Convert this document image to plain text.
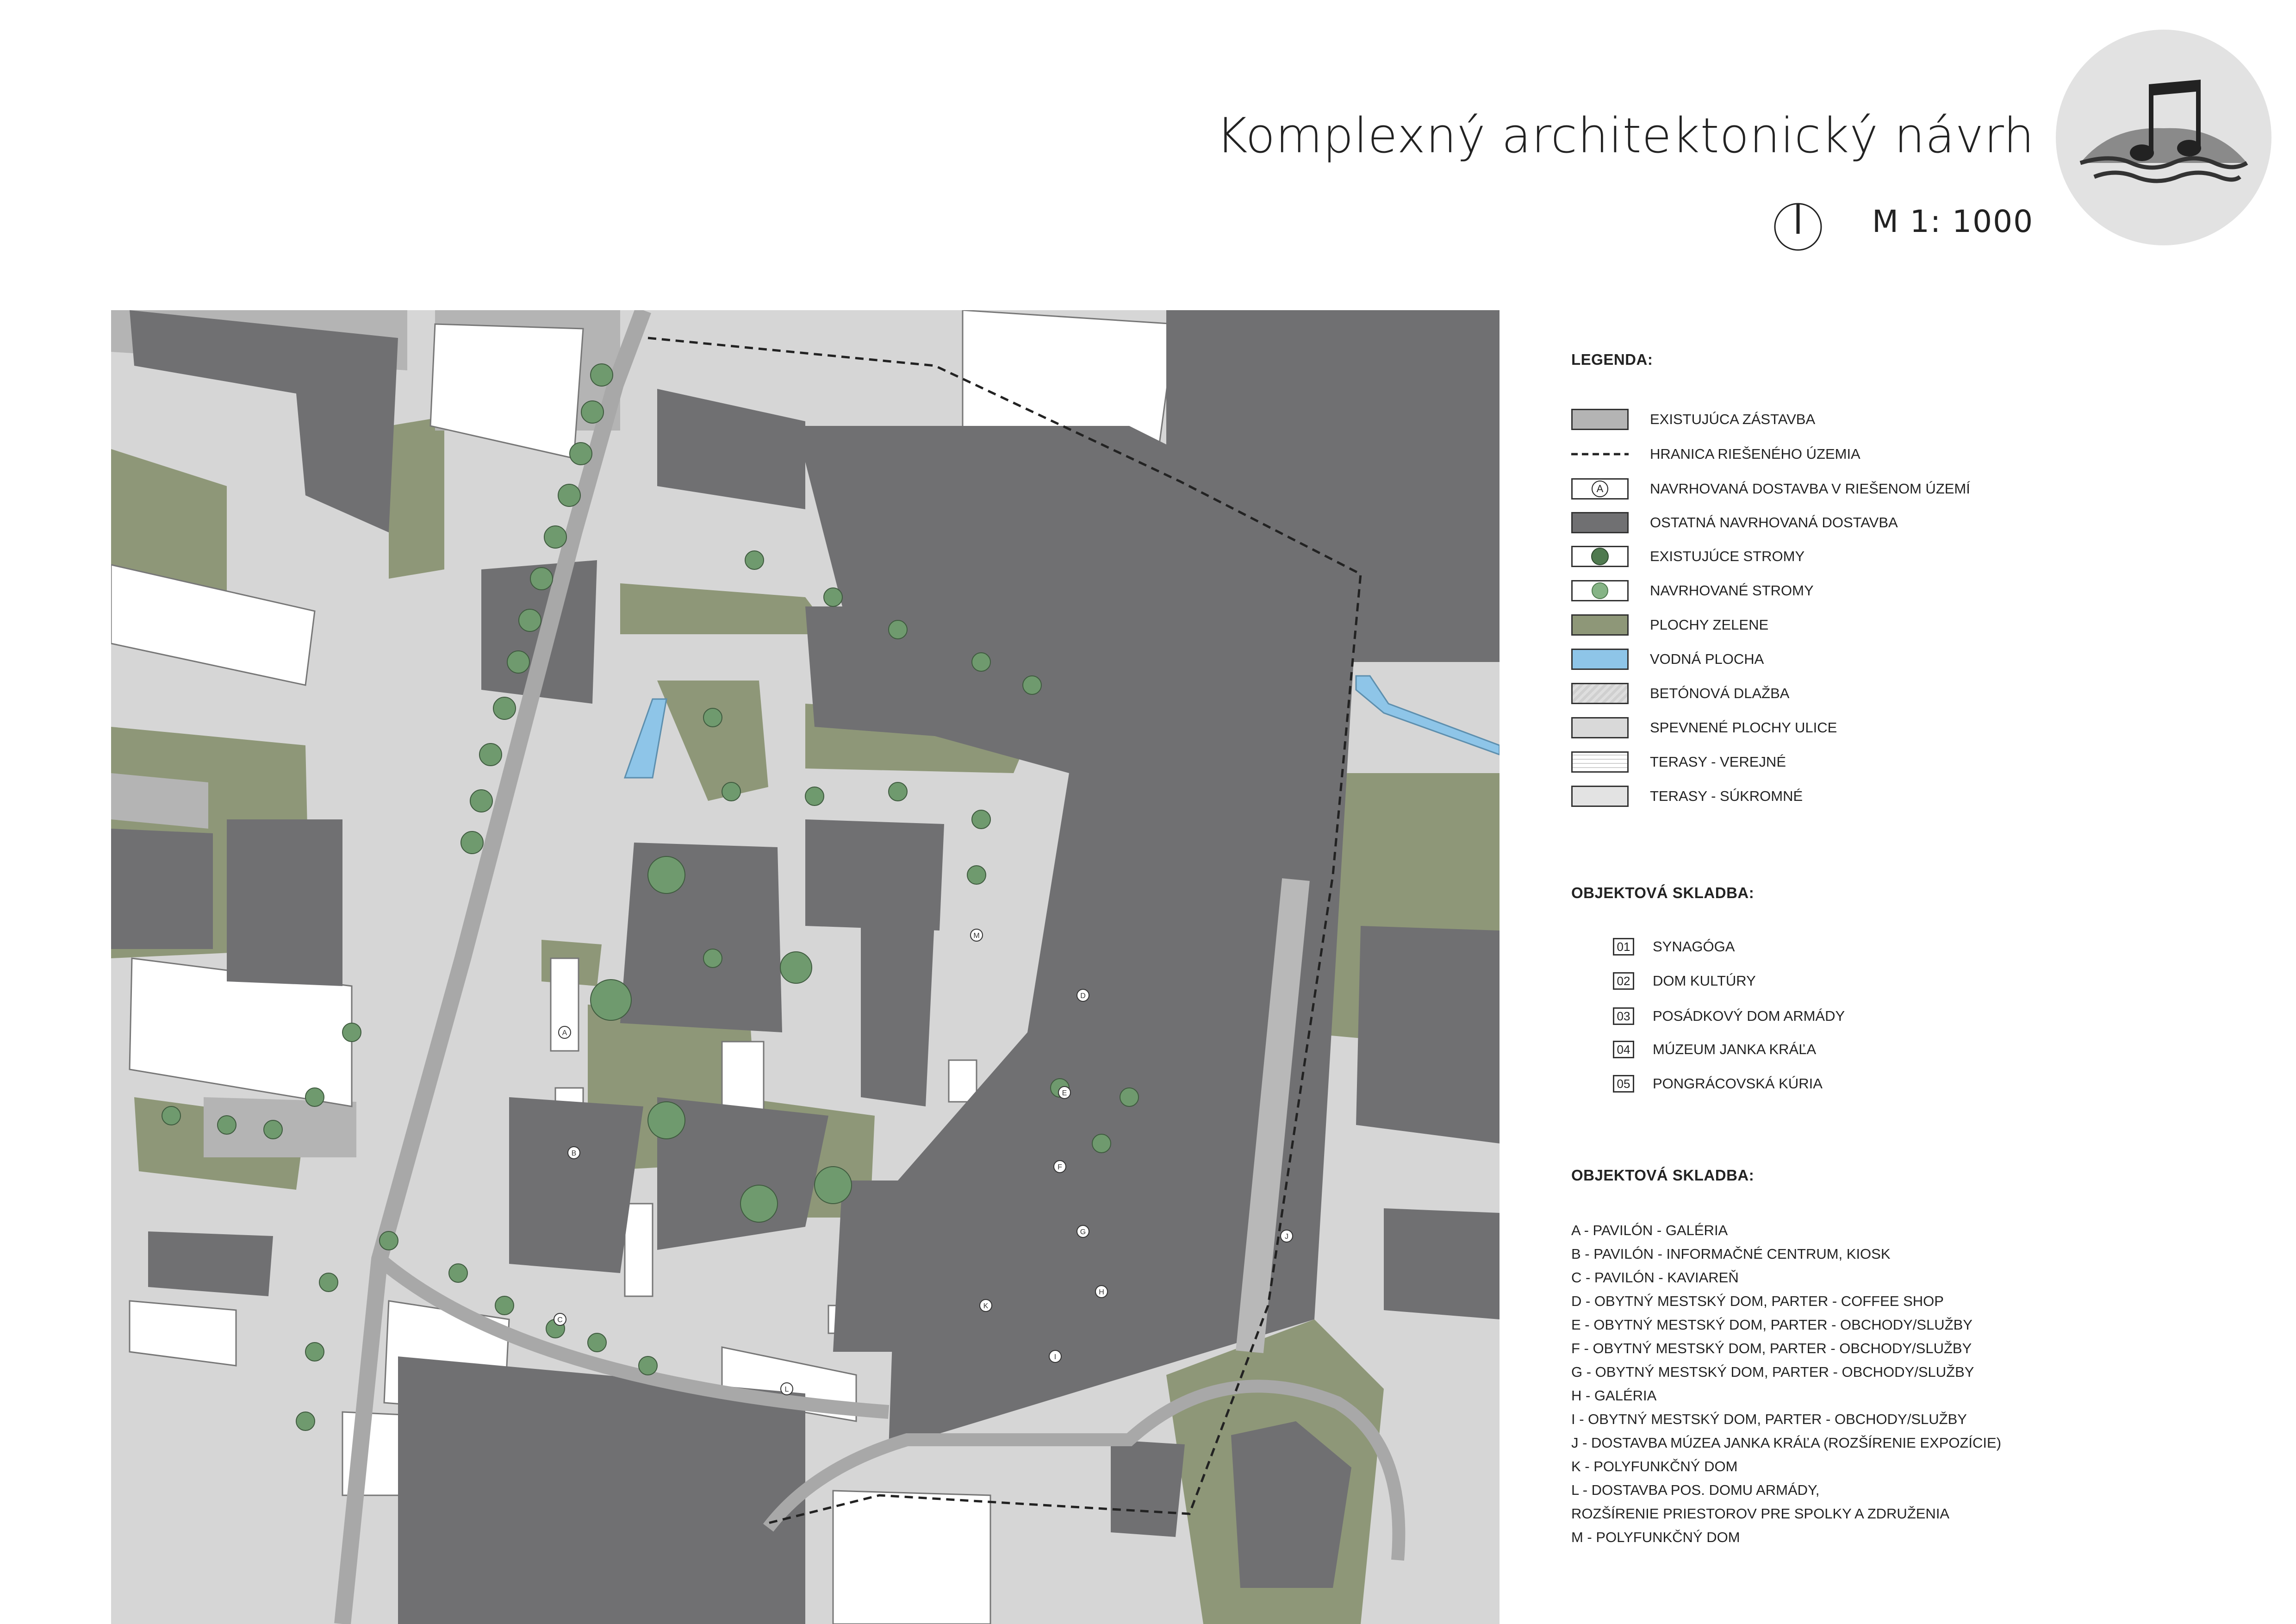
Komplexný architektonický návrh
M 1: 1000
A
B
C
D
E
F
G
H
I
J
K
L
M
LEGENDA:
EXISTUJÚCA ZÁSTAVBA
HRANICA RIEŠENÉHO ÚZEMIA
A	NAVRHOVANÁ DOSTAVBA V RIEŠENOM ÚZEMÍ
OSTATNÁ NAVRHOVANÁ DOSTAVBA
EXISTUJÚCE STROMY
NAVRHOVANÉ STROMY
PLOCHY ZELENE
VODNÁ PLOCHA
BETÓNOVÁ DLAŽBA
SPEVNENÉ PLOCHY ULICE
TERASY - VEREJNÉ
TERASY - SÚKROMNÉ
OBJEKTOVÁ SKLADBA:
01 SYNAGÓGA
02 DOM KULTÚRY
03 POSÁDKOVÝ DOM ARMÁDY
04 MÚZEUM JANKA KRÁĽA
05 PONGRÁCOVSKÁ KÚRIA
OBJEKTOVÁ SKLADBA:
A - PAVILÓN - GALÉRIA
B - PAVILÓN - INFORMAČNÉ CENTRUM, KIOSK
C - PAVILÓN - KAVIAREŇ
D - OBYTNÝ MESTSKÝ DOM, PARTER - COFFEE SHOP
E - OBYTNÝ MESTSKÝ DOM, PARTER - OBCHODY/SLUŽBY
F - OBYTNÝ MESTSKÝ DOM, PARTER - OBCHODY/SLUŽBY
G - OBYTNÝ MESTSKÝ DOM, PARTER - OBCHODY/SLUŽBY
H - GALÉRIA
I - OBYTNÝ MESTSKÝ DOM, PARTER - OBCHODY/SLUŽBY
J - DOSTAVBA MÚZEA JANKA KRÁĽA (ROZŠÍRENIE EXPOZÍCIE)
K - POLYFUNKČNÝ DOM
L - DOSTAVBA POS. DOMU ARMÁDY,
ROZŠÍRENIE PRIESTOROV PRE SPOLKY A ZDRUŽENIA
M - POLYFUNKČNÝ DOM
